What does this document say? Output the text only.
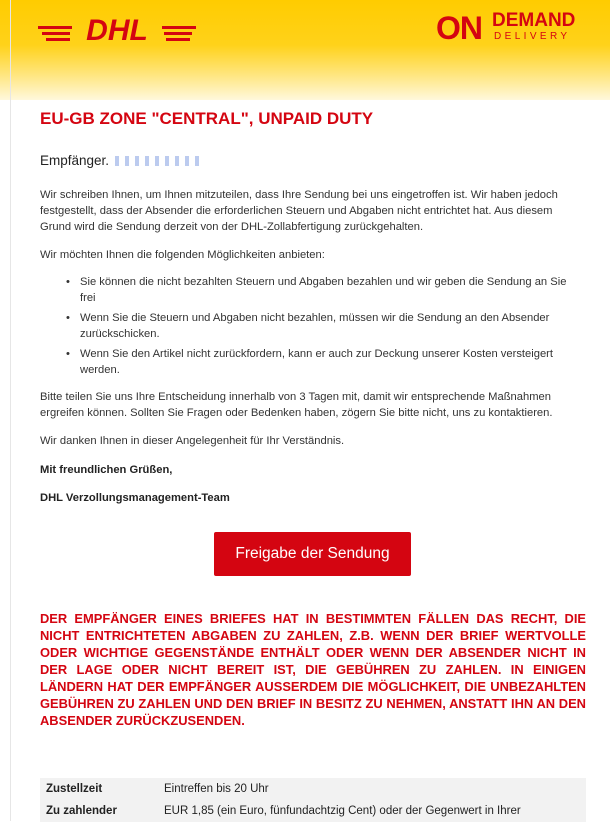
DHL	ON DEMAND
DELIVERY
EU-GB ZONE "CENTRAL", UNPAID DUTY
Empfänger.
Wir schreiben Ihnen, um Ihnen mitzuteilen, dass Ihre Sendung bei uns eingetroffen ist. Wir haben jedoch festgestellt, dass der Absender die erforderlichen Steuern und Abgaben nicht entrichtet hat. Aus diesem Grund wird die Sendung derzeit von der DHL-Zollabfertigung zurückgehalten.
Wir möchten Ihnen die folgenden Möglichkeiten anbieten:
• Sie können die nicht bezahlten Steuern und Abgaben bezahlen und wir geben die Sendung an Sie frei
• Wenn Sie die Steuern und Abgaben nicht bezahlen, müssen wir die Sendung an den Absender zurückschicken.
• Wenn Sie den Artikel nicht zurückfordern, kann er auch zur Deckung unserer Kosten versteigert werden.
Bitte teilen Sie uns Ihre Entscheidung innerhalb von 3 Tagen mit, damit wir entsprechende Maßnahmen ergreifen können. Sollten Sie Fragen oder Bedenken haben, zögern Sie bitte nicht, uns zu kontaktieren.
Wir danken Ihnen in dieser Angelegenheit für Ihr Verständnis.
Mit freundlichen Grüßen,
DHL Verzollungsmanagement-Team
Freigabe der Sendung
DER EMPFÄNGER EINES BRIEFES HAT IN BESTIMMTEN FÄLLEN DAS RECHT, DIE NICHT ENTRICHTETEN ABGABEN ZU ZAHLEN, Z.B. WENN DER BRIEF WERTVOLLE ODER WICHTIGE GEGENSTÄNDE ENTHÄLT ODER WENN DER ABSENDER NICHT IN DER LAGE ODER NICHT BEREIT IST, DIE GEBÜHREN ZU ZAHLEN. IN EINIGEN LÄNDERN HAT DER EMPFÄNGER AUSSERDEM DIE MÖGLICHKEIT, DIE UNBEZAHLTEN GEBÜHREN ZU ZAHLEN UND DEN BRIEF IN BESITZ ZU NEHMEN, ANSTATT IHN AN DEN ABSENDER ZURÜCKZUSENDEN.
Zustellzeit	Eintreffen bis 20 Uhr
Zu zahlender	EUR 1,85 (ein Euro, fünfundachtzig Cent) oder der Gegenwert in Ihrer
